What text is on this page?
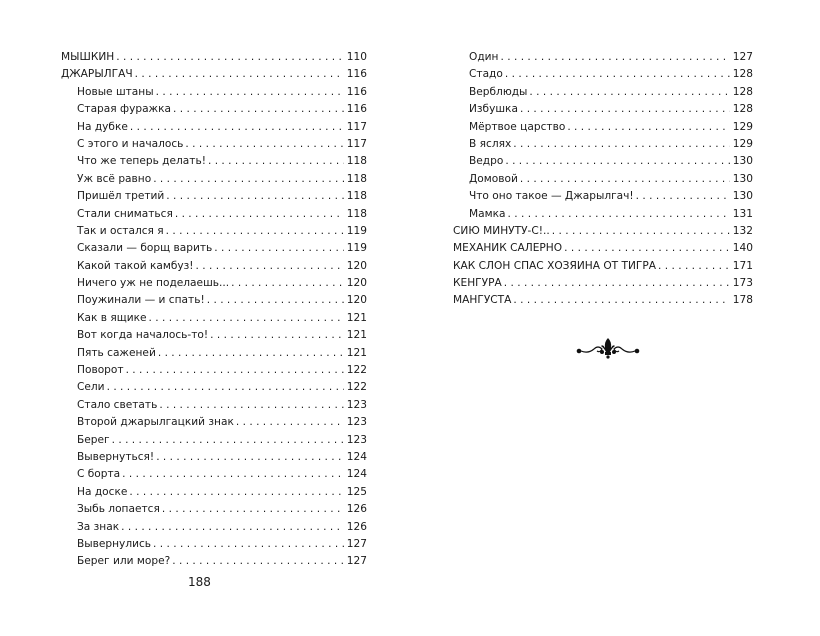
МЫШКИН . . .	110
ДЖАРЫЛГАЧ . . .	116
Новые штаны . . .	116
Старая фуражка . . .	116
На дубке . . .	117
С этого и началось . . .	117
Что же теперь делать! . . .	118
Уж всё равно . . .	118
Пришёл третий . . .	118
Стали сниматься . . .	118
Так и остался я . . .	119
Сказали — борщ варить . . .	119
Какой такой камбуз! . . .	120
Ничего уж не поделаешь... . . .	120
Поужинали — и спать! . . .	120
Как в ящике . . .	121
Вот когда началось-то! . . .	121
Пять саженей . . .	121
Поворот . . .	122
Сели . . .	122
Стало светать . . .	123
Второй джарылгацкий знак . . .	123
Берег . . .	123
Вывернуться! . . .	124
С борта . . .	124
На доске . . .	125
Зыбь лопается . . .	126
За знак . . .	126
Вывернулись . . .	127
Берег или море? . . .	127
Один . . .	127
Стадо . . .	128
Верблюды . . .	128
Избушка . . .	128
Мёртвое царство . . .	129
В яслях . . .	129
Ведро . . .	130
Домовой . . .	130
Что оно такое — Джарылгач! . . .	130
Мамка . . .	131
СИЮ МИНУТУ-С!.. . . .	132
МЕХАНИК САЛЕРНО . . .	140
КАК СЛОН СПАС ХОЗЯИНА ОТ ТИГРА . . .	171
КЕНГУРА . . .	173
МАНГУСТА . . .	178
188
